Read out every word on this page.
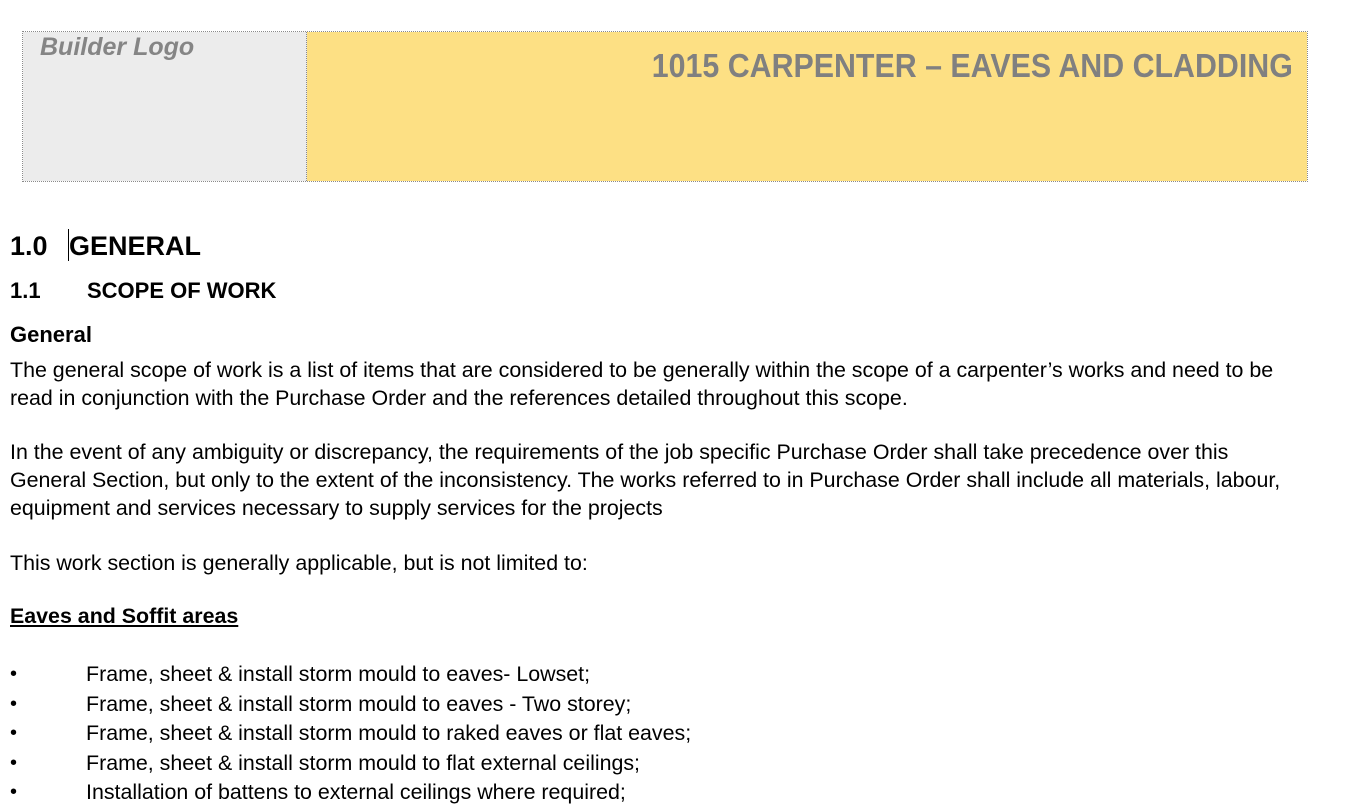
Builder Logo	1015 CARPENTER – EAVES AND CLADDING
1.0 GENERAL
1.1 SCOPE OF WORK
General
The general scope of work is a list of items that are considered to be generally within the scope of a carpenter’s works and need to be read in conjunction with the Purchase Order and the references detailed throughout this scope.
In the event of any ambiguity or discrepancy, the requirements of the job specific Purchase Order shall take precedence over this General Section, but only to the extent of the inconsistency. The works referred to in Purchase Order shall include all materials, labour, equipment and services necessary to supply services for the projects
This work section is generally applicable, but is not limited to:
Eaves and Soffit areas
•	Frame, sheet & install storm mould to eaves- Lowset;
•	Frame, sheet & install storm mould to eaves - Two storey;
•	Frame, sheet & install storm mould to raked eaves or flat eaves;
•	Frame, sheet & install storm mould to flat external ceilings;
•	Installation of battens to external ceilings where required;
